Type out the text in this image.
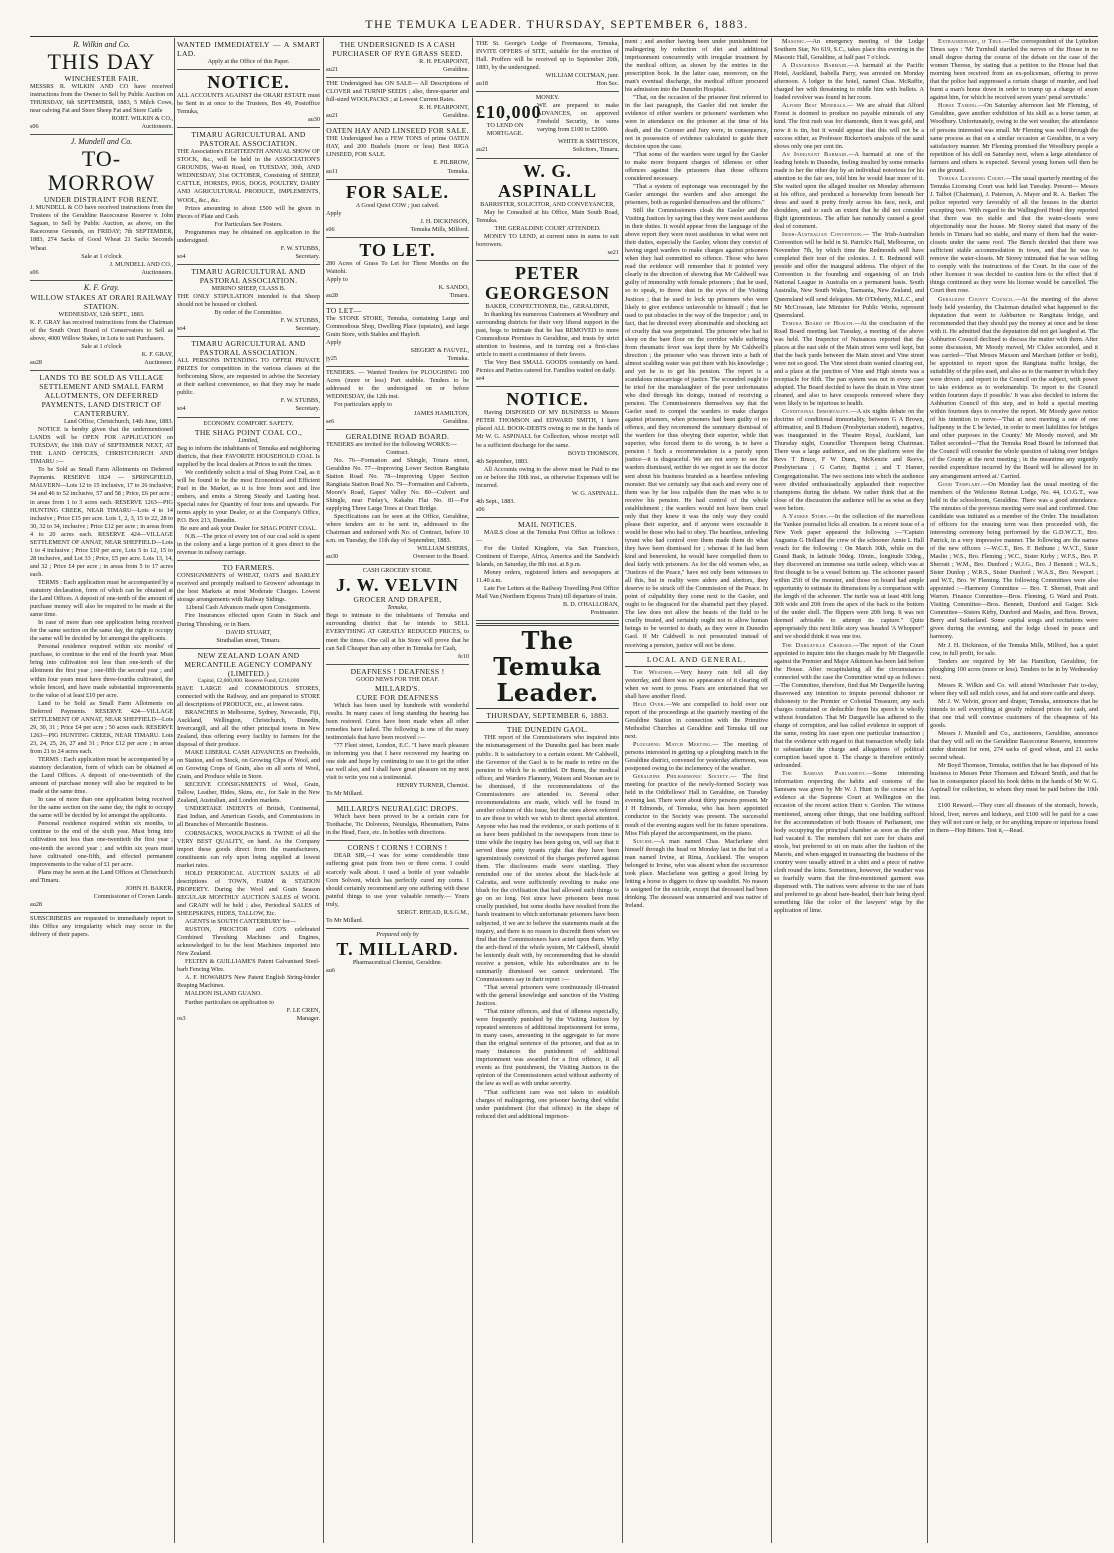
THE TEMUKA LEADER. THURSDAY, SEPTEMBER 6, 1883.
R. Wilkin and Co.
THIS DAY
WINCHESTER FAIR.

MESSRS R. WILKIN AND CO have received instructions from the Owner to Sell by Public Auction on THURSDAY, 6th SEPTEMBER, 1883, 5 Milch Cows, near calving Fat and Store Sheep Fat and Store Cattle

ROBT. WILKIN & CO.,
s06	Auctioneers.
J. Mundell and Co.
TO-MORROW
UNDER DISTRAINT FOR RENT.

J. MUNDELL & CO have received instructions from the Trustees of the Geraldine Racecourse Reserve v. John Saguan, to Sell by Public Auction, as above, on the Racecourse Grounds, on FRIDAY; 7th SEPTEMBER, 1883, 274 Sacks of Good Wheat 21 Sacks Seconds Wheat

Sale at 1 o'clock
J. MUNDELL AND CO.,
s06	Auctioneers.
K. F. Gray.
WILLOW STAKES AT ORARI RAILWAY STATION.
WEDNESDAY, 12th SEPT., 1883.

K. F. GRAY has received instructions from the Chairman of the South Orari Board of Conservators to Sell as above, 4000 Willow Stakes, in Lots to suit Purchasers.

Sale at 1 o'clock
K. F. GRAY,
au28	Auctioneer.
LANDS TO BE SOLD AS VILLAGE SETTLEMENT AND SMALL FARM ALLOTMENTS, ON DEFERRED PAYMENTS, LAND DISTRICT OF CANTERBURY.
Land Office, Christchurch, 14th June, 1883.

NOTICE is hereby given that the undermentioned LANDS will be OPEN FOR APPLICATION on TUESDAY, the 18th DAY of SEPTEMBER NEXT, AT THE LAND OFFICES, CHRISTCHURCH AND TIMARU :—

To be Sold as Small Farm Allotments on Deferred Payments. RESERVE 1824 — SPRINGFIELD, MALVERN—Lots 12 to 15 inclusive, 17 to 26 inclusive, 34 and 46 to 52 inclusive, 57 and 58 ; Price, £6 per acre ; in areas from 1 to 3 acres each. RESERVE 1263—PIG HUNTING CREEK, NEAR TIMARU—Lots 4 to 14 inclusive ; Price £15 per acre. Lots 1, 2, 3, 15 to 22, 28 to 30, 32 to 34, inclusive ; Price £12 per acre ; in areas from 4 to 20 acres each. RESERVE 424—VILLAGE SETTLEMENT OF ANNAT, NEAR SHEFFIELD—Lots 1 to 4 inclusive ; Price £10 per acre, Lots 5 to 12, 15 to 28 inclusive, and Lot 33 ; Price, £5 per acre. Lots 13, 14, and 32 ; Price £4 per acre ; in areas from 5 to 17 acres each.

TERMS : Each application must be accompanied by a statutory declaration, form of which can be obtained at the Land Offices. A deposit of one-tenth of the amount of purchase money will also be required to be made at the same time.

In case of more than one application being received for the same section on the same day, the right to occupy the same will be decided by lot amongst the applicants.

Personal residence required within six months' of purchase, to continue to the end of the fourth year. Must bring into cultivation not less than one-tenth of the allotment the first year ; one-fifth the second year ; and within four years must have three-fourths cultivated, the whole fenced, and have made substantial improvements to the value of at least £10 per acre.

Land to be Sold as Small Farm Allotments on Deferred Payments. RESERVE 424—VILLAGE SETTLEMENT OF ANNAT, NEAR SHEFFIELD—Lots 29, 30, 31 ; Price £4 per acre ; 50 acres each. RESERVE 1263—PIG HUNTING CREEK, NEAR TIMARU. Lots 23, 24, 25, 26, 27 and 31 ; Price £12 per acre ; in areas from 21 to 24 acres each.

TERMS : Each application must be accompanied by a statutory declaration, form of which can be obtained at the Land Offices. A deposit of one-twentieth of the amount of purchase money will also be required to be made at the same time.

In case of more than one application being received for the same section on the same day, the right to occupy the same will be decided by lot amongst the applicants.

Personal residence required within six months, to continue to the end of the sixth year. Must bring into cultivation not less than one-twentieth the first year ; one-tenth the second year ; and within six years must have cultivated one-fifth, and effected permanent improvements to the value of £1 per acre.

Plans may be seen at the Land Offices at Christchurch and Timaru.

JOHN H. BAKER,
Commissioner of Crown Lands.
au28

SUBSCRIBERS are requested to immediately report to this Office any irregularity which may occur in the delivery of their papers.

WANTED IMMEDIATELY — A SMART LAD.
Apply at the Office of this Paper.
NOTICE.

ALL ACCOUNTS AGAINST the ORARI ESTATE must be Sent in at once to the Trustees, Box 49, Postoffice Temuka,

au30
TIMARU AGRICULTURAL AND PASTORAL ASSOCIATION.

THE Association's EIGHTEENTH ANNUAL SHOW OF STOCK, &c., will be held in the ASSOCIATION'S GROUNDS, Wai-iti Road, on TUESDAY, 30th, AND WEDNESDAY, 31st OCTOBER, Consisting of SHEEP, CATTLE, HORSES, PIGS, DOGS, POULTRY, DAIRY AND AGRICULTURAL PRODUCE, IMPLEMENTS, WOOL, &c., &c.

Prizes amounting to about £500 will be given in Pieces of Plate and Cash.

For Particulars See Posters.

Programmes may be obtained on application to the undersigned.

F. W. STUBBS,
so4	Secretary.
TIMARU AGRICULTURAL AND PASTORAL ASSOCIATION.
MERINO SHEEP, CLASS B.

THE ONLY STIPULATION intended is that Sheep should not be housed or clothed.

By order of the Committee.
F. W. STUBBS,
so4	Secretary.
TIMARU AGRICULTURAL AND PASTORAL ASSOCIATION.

ALL PERSONS INTENDING TO OFFER PRIVATE PRIZES for competition in the various classes at the forthcoming Show, are requested to advise the Secretary at their earliest convenience, so that they may be made public.

F. W. STUBBS,
so4	Secretary.
ECONOMY. COMFORT. SAFETY.
THE SHAG POINT COAL CO.,
Limited,

Beg to inform the inhabitants of Temuka and neighboring districts, that their FAVORITE HOUSEHOLD COAL Is supplied by the local dealers at Prices to suit the times.

We confidently solicit a trial of Shag Point Coal, as it will be found to be the most Economical and Efficient Fuel in the Market, as it is free from soot and live embers, and emits a Strong Steady and Lasting heat. Special rates for Quantity of four tons and upwards. For terms apply to your Dealer, or at the Company's Office, P.O. Box 213, Dunedin.

Be sure and ask your Dealer for SHAG POINT COAL.

N.B.—The price of every ton of our coal sold is spent in the colony and a large portion of it goes direct to the revenue in railway carriage.

TO FARMERS.

CONSIGNMENTS of WHEAT, OATS and BARLEY received and promptly realised to Growers' advantage in the best Markets at most Moderate Charges. Lowest storage arrangements with Railway Sidings.

Liberal Cash Advances made upon Consignments.

Fire Insurances effected upon Grain in Stack and During Threshing, or in Barn.

DAVID STUART,
Strathallan street, Timaru.
NEW ZEALAND LOAN AND MERCANTILE AGENCY COMPANY (LIMITED.)
Capital, £2,000,000. Reserve Fund, £210,000

HAVE LARGE and COMMODIOUS STORES, connected with the Railway, and are prepared to STORE all descriptions of PRODUCE, etc., at lowest rates.

BRANCHES in Melbourne, Sydney, Newcastle, Fiji, Auckland, Wellington, Christchurch, Dunedin, Invercargill, and all the other principal towns in New Zealand, thus offering every facility to farmers for the disposal of their produce.

MAKE LIBERAL CASH ADVANCES on Freeholds, on Station, and on Stock, on Growing Clips of Wool, and on Growing Crops of Grain, also on all sorts of Wool, Grain, and Produce while in Store.

RECEIVE CONSIGNMENTS of Wool, Grain, Tallow, Leather, Hides, Skins, etc., for Sale in the New Zealand, Australian, and London markets.

UNDERTAKE INDENTS of British, Continental, East Indian, and American Goods, and Commissions in all Branches of Mercantile Business.

CORNSACKS, WOOLPACKS & TWINE of all the VERY BEST QUALITY, on hand. As the Company import these goods direct from the manufacturers, constituents can rely upon being supplied at lowest market rates.

HOLD PERIODICAL AUCTION SALES of all descriptions of TOWN, FARM & STATION PROPERTY. During the Wool and Grain Season REGULAR MONTHLY AUCTION SALES of WOOL and GRAIN will be held ; also, Periodical SALES of SHEEPSKINS, HIDES, TALLOW, Etc.

AGENTS in SOUTH CANTERBURY for—

RUSTON, PROCTOR and CO'S celebrated Combined Threshing Machines and Engines, acknowledged to be the best Machines imported into New Zealand.

FELTEN & GUILLIAME'S Patent Galvanised Steel-barb Fencing Wire.

A. F. HOWARD'S New Patent English String-binder Reaping Machines.

MALDON ISLAND GUANO.

Further particulars on application to

F. LE CREN,
os3	Manager.
THE UNDERSIGNED IS A CASH PURCHASER OF RYE GRASS SEED.
R. H. PEARPOINT,
au21	Geraldine.

THE Undersigned has ON SALE— All Descriptions of CLOVER and TURNIP SEEDS ; also, three-quarter and full-sized WOOLPACKS ; at Lowest Current Rates.

R. H. PEARPOINT,
au21	Geraldine.
OATEN HAY AND LINSEED FOR SALE.

THE Undersigned has a FEW TONS of prime OATEN HAY, and 200 Bushels (more or less) Best RIGA LINSEED, FOR SALE.

E. PILBROW,
au11	Temuka.
FOR SALE.
A Good Quiet COW ; just calved.
Apply
J. H. DICKINSON,
s06	Temuka Mills, Milford.
TO LET.

280 Acres of Grass To Let for Three Months on the Waitohi.

Apply to
K. SANDO,
au28	Timaru.
TO LET—

The STONE STORE, Temuka, containing Large and Commodious Shop, Dwelling Place (upstairs), and large Grain Store, with Stables and Hayloft.

Apply
SIEGERT & FAUVEL,
jy25	Temuka.

TENDERS. — Wanted Tenders for PLOUGHING 100 Acres (more or less) Part stubble. Tenders to be addressed to the undersigned on or before WEDNESDAY, the 12th inst.

For particulars apply to

JAMES HAMILTON,
se6	Geraldine.
GERALDINE ROAD BOARD.

TENDERS are invited for the following WORKS:—

Contract.

No. 76—Formation and Shingle, Totara street, Geraldine No. 77—Improving Lower Section Rangitata Station Road No. 78—Improving Upper Section Rangitata Station Road No. 79—Formation and Culverts, Moore's Road, Gapes' Valley No. 80—Culvert and Shingle, near Finlay's, Kakahu Flat No. 81—For supplying Three Large Trees at Orari Bridge.

Specifications can be seen at the Office, Geraldine, where tenders are to be sent in, addressed to the Chairman and endorsed with No. of Contract, before 10 a.m. on Tuesday, the 11th day of September, 1883.

WILLIAM SHIERS,
au30	Overseer to the Board.
CASH GROCERY STORE.
J. W. VELVIN
GROCER AND DRAPER,
Temuka,

Begs to intimate to the inhabitants of Temuka and surrounding district that he intends to SELL EVERYTHING AT GREATLY REDUCED PRICES, to meet the times. One call at his Store will prove that he can Sell Cheaper than any other in Temuka for Cash,

fe10
DEAFNESS ! DEAFNESS !
GOOD NEWS FOR THE DEAF.
MILLARD'S.
CURE FOR DEAFNESS

Which has been used by hundreds with wonderful results. In many cases of long standing the hearing has been restored. Cures have been made when all other remedies have failed. The following is one of the many testimonials that have been received :—

"77 Fleet street, London, E.C. "I have much pleasure in informing you that I have recovered my hearing on one side and hope by continuing to use it to get the other ear well also, and I shall have great pleasure on my next visit to write you out a testimonial.

HENRY TURNER, Chemist.
To Mr Millard.
MILLARD'S NEURALGIC DROPS.

Which have been proved to be a certain cure for Toothache, Tic Doloreux, Neuralgia, Rheumatism, Pains in the Head, Face, etc. In bottles with directions.

CORNS ! CORNS ! CORNS !

DEAR SIR,—I was for some considerable time suffering great pain from two or three corns. I could scarcely walk about. I used a bottle of your valuable Corn Solvent, which has perfectly cured my corns. I should certainly recommend any one suffering with these painful things to use your valuable remedy.— Yours truly,

SERGT. RHEAD, R.S.G.M.,
To Mr Millard.
Prepared only by
T. MILLARD.
Pharmaceutical Chemist, Geraldine.
au6

THE St. George's Lodge of Freemasons, Temuka, INVITE OFFERS of SITE, suitable for the erection of Hall. Proffers will be received up to September 20th, 1883, by the undersigned.

WILLIAM COLTMAN, junr.
au18	Hon Sec.
MONEY.
£10,000
TO LEND ON MORTGAGE.

WE are prepared to make ADVANCES, on approved Freehold Security, in sums varying from £100 to £2000.

WHITE & SMITHSON,
au21	Solicitors, Timaru.
W. G. ASPINALL
BARRISTER, SOLICITOR, AND CONVEYANCER,

May be Consulted at his Office, Main South Road, Temuka.

THE GERALDINE COURT ATTENDED.

MONEY TO LEND, at current rates in sums to suit borrowers.

se21
PETER GEORGESON
BAKER, CONFECTIONER, Etc., GERALDINE,

In thanking his numerous Customers at Woodbury and surrounding districts for their very liberal support in the past, begs to intimate that he has REMOVED to more Commodious Premises in Geraldine, and trusts by strict attention to business, and in turning out a first-class article to merit a continuance of their favors.

The Very Best SMALL GOODS constantly on hand. Picnics and Parties catered for. Families waited on daily.

se4
NOTICE.

Having DISPOSED OF MY BUSINESS to Messrs PETER THOMSON and EDWARD SMITH, I have placed ALL BOOK-DEBTS owing to me in the hands of Mr W. G. ASPINALL for Collection, whose receipt will be a sufficient discharge for the same.

BOYD THOMSON.
4th September, 1883.

All Accounts owing to the above must be Paid to me on or before the 10th inst., as otherwise Expenses will be incurred.

W. G. ASPINALL.
4th Sept., 1883.
s06
MAIL NOTICES.

MAILS close at the Temuka Post Office as follows :—

For the United Kingdom, via San Francisco, Continent of Europe, Africa, America and the Sandwich Islands, on Saturday, the 8th inst. at 8 p.m.

Money orders, registered letters and newspapers at 11.40 a.m.

Late Fee Letters at the Railway Travelling Post Office Mail Van (Northern Express Train) till departure of train.

B. D. O'HALLORAN,
Postmaster.
The Temuka Leader.
THURSDAY, SEPTEMBER 6, 1883.
THE DUNEDIN GAOL.

THE report of the Commissioners who inquired into the mismanagement of the Dunedin gaol has been made public. It is satisfactory to a certain extent. Mr Caldwell, the Governor of the Gaol is to be made to retire on the pension to which he is entitled. Dr Burns, the medical officer, and Warders Flannery, Watson and Noonan are to be dismissed, if the recommendations of the Commissioners are attended to. Several other recommendations are made, which will be found in another column of this issue, but the ones above referred to are those to which we wish to direct special attention. Anyone who has read the evidence, or such portions of it as have been published in the newspapers from time to time while the inquiry has been going on, will say that it served these petty tyrants right that they have been ignominiously convicted of the charges preferred against them. The disclosures made were startling. They reminded one of the stories about the black-hole at Calcutta, and were sufficiently revolting to make one blush for the civilisation that had allowed such things to go on so long. Not since have prisoners been most cruelly punished, but some deaths have resulted from the harsh treatment to which unfortunate prisoners have been subjected, if we are to believe the statements made at the inquiry, and there is no reason to discredit them when we find that the Commissioners have acted upon them. Why the arch-fiend of the whole system, Mr Caldwell, should be leniently dealt with, by recommending that he should receive a pension, while his subordinates are to be summarily dismissed we cannot understand. The Commissioners say in their report :—

"That several prisoners were continuously ill-treated with the general knowledge and sanction of the Visiting Justices.

"That minor offences, and that of idleness especially, were frequently punished by the Visiting Justices by repeated sentences of additional imprisonment for terms, in many cases, amounting in the aggregate to far more than the original sentence of the prisoner, and that as in many instances the punishment of additional imprisonment was awarded for a first offence, it all events as first punishment, the Visiting Justices in the opinion of the Commissioners acted without authority of the law as well as with undue severity.

"That sufficient care was not taken to establish charges of malingering, one prisoner having died whilst under punishment (for that offence) in the shape of reduced diet and additional imprison-

ment ; and another having been under punishment for malingering by reduction of diet and additional imprisonment concurrently with irregular treatment by the medical officer, as shown by the entries in the prescription book. In the latter case, moreover, on the man's eventual discharge, the medical officer procured his admission into the Dunedin Hospital.

"That, on the occasion of the prisoner first referred to in the last paragraph, the Gaoler did not tender the evidence of either warders or prisoners' wardsmen who were in attendance on the prisoner at the time of his death, and the Coroner and Jury were, in consequence, not in possession of evidence calculated to guide their decision upon the case.

"That some of the warders were urged by the Gaoler to make more frequent charges of idleness or other offences against the prisoners than those officers considered necessary.

"That a system of espionage was encouraged by the Gaoler amongst the warders and also amongst the prisoners, both as regarded themselves and the officers."

Still the Commissioners cloak the Gaoler and the Visiting Justices by saying that they were most assiduous in their duties. It would appear from the language of the above report they were most assiduous in what were not their duties, especially the Gaoler, whom they convict of having urged warders to make charges against prisoners when they had committed no offence. Those who have read the evidence will remember that it pointed very clearly in the direction of showing that Mr Caldwell was guilty of immorality with female prisoners ; that he used, so to speak, to throw dust in the eyes of the Visiting Justices ; that he used to lock up prisoners who were likely to give evidence unfavorable to himself ; that he used to put obstacles in the way of the Inspector ; and, in fact, that he directed every abominable and shocking act of cruelty that was perpetrated. The prisoner who had to sleep on the bare floor on the corridor while suffering from rheumatic fever was kept there by Mr Caldwell's direction ; the prisoner who was thrown into a bath of almost scalding water was put there with his knowledge ; and yet he is to get his pension. The report is a scandalous miscarriage of justice. The scoundrel ought to be tried for the manslaughter of the poor unfortunates who died through his doings, instead of receiving a pension. The Commissioners themselves say that the Gaoler used to compel the warders to make charges against prisoners, when prisoners had been guilty of no offence, and they recommend the summary dismissal of the warders for thus obeying their superior, while that superior, who forced them to do wrong, is to have a pension ! Such a recommendation is a parody upon justice—it is disgraceful. We are not sorry to see the warders dismissed, neither do we regret to see the doctor sent about his business branded as a heartless unfeeling monster. But we certainly say that each and every one of them was by far less culpable than the man who is to receive his pension. He had control of the whole establishment ; the warders would not have been cruel only that they knew it was the only way they could please their superior, and if anyone were excusable it would be those who had to obey. The heartless, unfeeling tyrant who had control over them made them do what they have been dismissed for ; whereas if he had been kind and benevolent, he would have compelled them to deal fairly with prisoners. As for the old women who, as "Justices of the Peace," have not only been witnesses to all this, but in reality were aiders and abettors, they deserve to be struck off the Commission of the Peace. In point of culpability they come next to the Gaoler, and ought to be disgraced for the shameful part they played. The law does not allow the beasts of the field to be cruelly treated, and certainly ought not to allow human beings to be worried to death, as they were in Dunedin Gaol. If Mr Caldwell is not prosecuted instead of receiving a pension, justice will not be done.

LOCAL AND GENERAL.

The Weather.—Very heavy rain fell all day yesterday, and there was no appearance of it clearing off when we went to press. Fears are entertained that we shall have another flood.

Held Over.—We are compelled to hold over our report of the proceedings at the quarterly meeting of the Geraldine Station in connection with the Primitive Methodist Churches at Geraldine and Temuka till our next.

Ploughing Match Meeting.— The meeting of persons interested in getting up a ploughing match in the Geraldine district, convened for yesterday afternoon, was postponed owing to the inclemency of the weather.

Geraldine Philharmonic Society.— The first meeting for practice of the newly-formed Society was held in the Oddfellows' Hall in Geraldine, on Tuesday evening last. There were about thirty persons present. Mr J H Edmonds, of Temuka, who has been appointed conductor to the Society was present. The successful result of the evening augurs well for its future operations. Miss Fish played the accompaniment, on the piano.

Suicide.—A man named Chas. Macfarlane shot himself through the head on Monday last in the hut of a man named Irvine, at Rima, Auckland. The weapon belonged to Irvine, who was absent when the occurrence took place. Macfarlane was getting a good living by letting a horse to diggers to draw up washdirt. No reason is assigned for the suicide, except that deceased had been drinking. The deceased was unmarried and was native of Ireland.

Masonic.—An emergency meeting of the Lodge Southern Star, No 619, S.C., takes place this evening in the Masonic Hall, Geraldine, at half past 7 o'clock.

A Dangerous Barmaid.—A barmaid at the Pacific Hotel, Auckland, Isabella Parry, was arrested on Monday afternoon. A lodger in the hotel, named Chas. McRaffie, charged her with threatening to riddle him with bullets. A loaded revolver was found in her room.

Alford Best Minerals.— We are afraid that Alford Forest is doomed to produce no payable minerals of any kind. The first rush was for diamonds, then it was gold, and now it is tin, but it would appear that this will not be a success either, as Professor Bickerton's analysis of the sand shows only one per cent tin.

An Indignant Barmaid.—A barmaid at one of the leading hotels in Dunedin, feeling insulted by some remarks made to her the other day by an individual notorious for his attention to the fair sex, told him he would hear more of it. She waited upon the alleged insulter on Monday afternoon at his office, and produced a horsewhip from beneath her dress and used it pretty freely across his face, neck, and shoulders, and to such an extent that he did not consider flight ignominious. The affair has naturally caused a good deal of comment.

Irish-Australian Convention.— The Irish-Australian Convention will be held in St. Patrick's Hall, Melbourne, on November 7th, by which time the Redmonds will have completed their tour of the colonies. J. E. Redmond will preside and offer the inaugural address. The object of the Convention is the founding and organising of an Irish National League in Australia on a permanent basis. South Australia, New South Wales, Tasmania, New Zealand, and Queensland will send delegates. Mr O'Doherty, M.L.C., and Mr McCrossan, late Minister for Public Works, represent Queensland.

Temuka Board of Health.—At the conclusion of the Road Board meeting last Tuesday, a meeting of the above was held. The Inspector of Nuisances reported that the places at the east side of the Main street were well kept, but that the back yards between the Main street and Vine street were not so good. The Vine street drain wanted clearing out, and a place at the junction of Vine and High streets was a receptacle for filth. The pan system was not in every case adopted. The Board decided to have the drain in Vine street cleaned, and also to have cesspools removed where they were likely to be injurious to health.

Conditional Immortality.—A six nights debate on the doctrine of conditional immortality, between G A Brown, affirmative, and B Hudson (Presbyterian student), negative, was inaugurated in the Theatre Royal, Auckland, last Thursday night, Councillor Thompson being Chairman. There was a large audience, and on the platform were the Revs T Bruce, F W Dunn, McKenzie and Reeve, Presbyterians ; G Carter, Baptist ; and T Hamer, Congregationalist. The two sections into which the audience were divided enthusiastically applauded their respective champions during the debate. We rather think that at the close of the discussion the audience will be as wise as they were before.

A Yankee Story.—In the collection of the marvellous the Yankee journalist licks all creation. In a recent issue of a New York paper appeared the following :—"Captain Augustus G Holland the crew of the schooner Annie L Hall vouch for the following : On March 30th, while on the Grand Bank, in latitude 30deg. 10min., longitude 33deg., they discovered an immense sea turtle asleep, which was at first thought to be a vessel bottom up. The schooner passed within 25ft of the monster, and those on board had ample opportunity to estimate its dimensions by a comparison with the length of the schooner. The turtle was at least 40ft long 30ft wide and 20ft from the apex of the back to the bottom of the under shell. The flippers were 20ft long. It was not deemed advisable to attempt its capture." Quite appropriately this next little story was headed 'A Whopper!' and we should think it was one too.

The Dargaville Charges.—The report of the Court appointed to inquire into the charges made by Mr Dargaville against the Premier and Major Atkinson has been laid before the House. After recapitulating all the circumstances connected with the case the Committee wind up as follows :—The Committee, therefore, find that Mr Dargaville having disavowed any intention to impute personal dishonor or dishonesty to the Premier or Colonial Treasurer, any such charges contained or deducible from his speech is wholly without foundation. That Mr Dargaville has adhered to the charge of corruption, and has called evidence in support of the same, resting his case upon one particular transaction ; that the evidence with regard to that transaction wholly fails to substantiate the charge and allegations of political corruption based upon it. The charge is therefore entirely unfounded.

The Samoan Parliament.—Some interesting information respecting the habits and customs of the Samoans was given by Mr W. J. Hunt in the course of his evidence at the Supreme Court at Wellington on the occasion of the recent action Hunt v. Gordon. The witness mentioned, among other things, that one building sufficed for the accommodation of both Houses of Parliament, one body occupying the principal chamber as soon as the other had vacated it. The members did not care for chairs and stools, but preferred to sit on mats after the fashion of the Maoris, and when engaged in transacting the business of the country were usually attired in a shirt and a piece of native cloth round the loins. Sometimes, however, the weather was so fearfully warm that the first-mentioned garment was dispensed with. The natives were adverse to the use of hats and preferred to go about bare-headed, their hair being dyed something like the color of the lawyers' wigs by the application of lime.

Extraordinary, if True.—The correspondent of the Lyttelton Times says : 'Mr Turnbull startled the nerves of the House in no small degree during the course of the debate on the case of the women Therese, by stating that a petition to the House had that morning been received from an ex-policeman, offering to prove that the police had suppressed a certain charge of murder, and had burnt a man's home down in order to trump up a charge of arson against him, for which he received seven years' penal servitude.'

Horse Taming.—On Saturday afternoon last Mr Fleming, of Geraldine, gave another exhibition of his skill as a horse tamer, at Woodbury. Unfortunately, owing to the wet weather, the attendance of persons interested was small. Mr Fleming was well through the same process as that on a similar occasion at Geraldine, in a very satisfactory manner. Mr Fleming promised the Woodbury people a repetition of his skill on Saturday next, when a large attendance of farmers and others is expected. Several young horses will then be on the ground.

Temuka Licensing Court.—The usual quarterly meeting of the Temuka Licensing Court was held last Tuesday. Present— Messrs J. Talbot (Chairman), J. Paterson, A. Mayer and R. A. Barker. The police reported very favorably of all the houses in the district excepting two. With regard to the Wallingford Hotel they reported that there was no stable and that the water-closets were objectionably near the house. Mr Storey stated that many of the hotels in Timaru had no stable, and many of them had the water-closets under the same roof. The Bench decided that there was sufficient stable accommodation in town, and that he was to remove the water-closets. Mr Storey intimated that he was willing to comply with the instructions of the Court. In the case of the other licensee it was decided to caution him to the effect that if things continued as they were his license would be cancelled. The Court then rose.

Geraldine County Council.—At the meeting of the above body held yesterday, the Chairman detailed what happened to the deputation that went to Ashburton re Rangitata bridge, and recommended that they should pay the money at once and be done with it. He admitted that the deputation did not get laughed at. The Ashburton Council declined to discuss the matter with them. After some discussion, Mr Moody moved, Mr Clulee seconded, and it was carried—'That Messrs Maxson and Marchant (either or both), be appointed to report upon the Rangitata traffic bridge, the suitability of the piles used, and also as to the manner in which they were driven ; and report to the Council on the subject, with power to take evidence as to workmanship. To report to the Council within fourteen days if possible.' It was also decided to inform the Ashburton Council of this step, and to hold a special meeting within fourteen days to receive the report. Mr Moody gave notice of his intention to move—'That at next meeting a rate of one halfpenny in the £ be levied, in order to meet liabilities for bridges and other purposes in the County.' Mr Moody moved, and Mr Talbot seconded—'That the Temuka Road Board be informed that the Council will consider the whole question of taking over bridges of the County at the next meeting ; in the meantime any urgently needed expenditure incurred by the Board will be allowed for in any arrangement arrived at.' Carried.

Good Templary.—On Monday last the usual meeting of the members of the Welcome Retreat Lodge, No. 44, I.O.G.T., was held in the schoolroom, Geraldine. There was a good attendance. The minutes of the previous meeting were read and confirmed. One candidate was initiated as a member of the Order. The installation of officers for the ensuing term was then proceeded with, the interesting ceremony being performed by the G.D.W.C.T., Bro. Patrick, in a very impressive manner. The following are the names of the new officers :—W.C.T., Bro. F. Bethune ; W.V.T., Sister Maslin ; W.S., Bro. Fleming ; W.C., Sister Kirby ; W.F.S., Bro. P. Sherratt ; W.M., Bro. Dunford ; W.J.G., Bro. J Bennett ; W.L.S., Sister Dunlop ; W.R.S., Sister Dunford ; W.A.S., Bro. Newport ; and W.T., Bro. W Fleming. The following Committees were also appointed :—Harmony Committee — Bro. T. Sherratt, Pratt and Warren. Finance Committee—Bros. Fleming, G Ward and Pratt. Visiting Committee—Bros. Bennett, Dunford and Gaiger. Sick Committee—Sisters Kirby, Dunford and Maslin, and Bros. Brown, Berry and Sutherland. Some capital songs and recitations were given during the evening, and the lodge closed in peace and harmony.

Mr J. H. Dickinson, of the Temuka Mills, Milford, has a quiet cow, in full profit, for sale.

Tenders are required by Mr Jas Hamilton, Geraldine, for ploughing 100 acres (more or less). Tenders to be in by Wednesday next.

Messrs R. Wilkin and Co. will attend Winchester Fair to-day, where they will sell milch cows, and fat and store cattle and sheep.

Mr J. W. Velvin, grocer and draper, Temuka, announces that he intends to sell everything at greatly reduced prices for cash, and that one trial will convince customers of the cheapness of his goods.

Messrs J. Mundell and Co., auctioneers, Geraldine, announce that they will sell on the Geraldine Racecourse Reserve, tomorrow under distraint for rent, 274 sacks of good wheat, and 21 sacks second wheat.

Mr Boyd Thomson, Temuka, notifies that he has disposed of his business to Messrs Peter Thomson and Edward Smith, and that he has in consequence placed his book debts in the hands of Mr W. G. Aspinall for collection, to whom they must be paid before the 10th inst.

£100 Reward.—They cure all diseases of the stomach, bowels, blood, liver, nerves and kidneys, and £100 will be paid for a case they will not cure or help, or for anything impure or injurious found in them—Hop Bitters. Test it,—Read.
